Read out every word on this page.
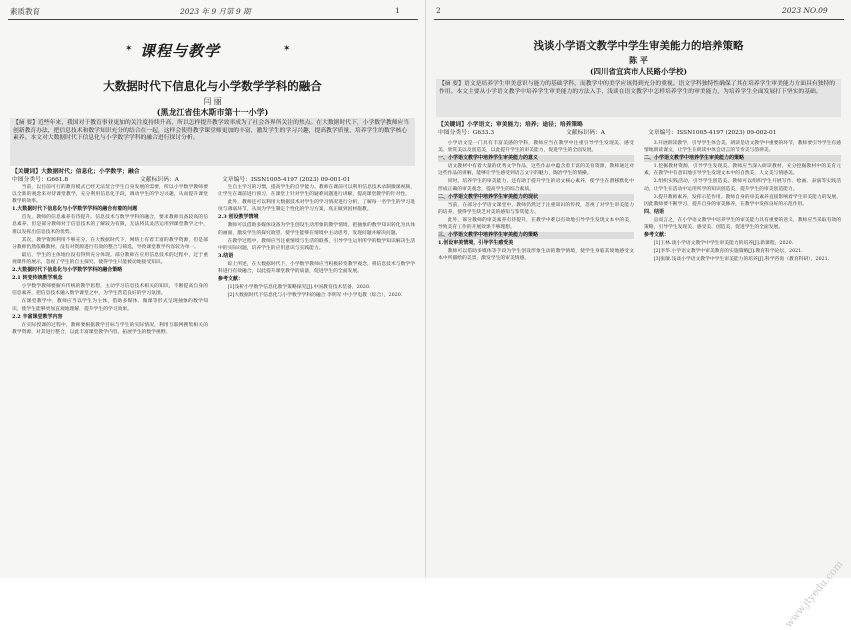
素质教育	2023 年 9 月第 9 期	1
✶ 课程与教学	✶
大数据时代下信息化与小学数学学科的融合
闫 丽
(黑龙江省佳木斯市第十一小学)
【摘 要】近些年来，我国对于教育事业更加的关注度持续升高，所以怎样提升教学效率成为了社会各界所关注的焦点。在大数据时代下，小学数学教师应当创新教育办法，把信息技术和数学知识充分的结合在一起，这样会使得教学课堂师更加的丰富，激发学生的学习兴趣，提高教学质量，培养学生的数学核心素养。本文对大数据时代下信息化与小学数学学科的融合进行探讨分析。
【关键词】大数据时代；信息化；小学数学；融合
中图分类号：G661.8	文献标识码：A	文章编号：ISSN1005-4197 (2023) 09-001-01

当前，以目前可行的教育模式已经无法契合学生自身发展的需要，所以小学数学教师要以全新的观念来对待课堂教学，充分利用信息化手段，调动学生的学习兴趣，从而提升课堂教学的效率。

1.大数据时代下信息化与小学数学学科的融合有着的问题

首先，教师的信息素养有待提升。信息技术与数学学科的融合，要求教师具备较高的信息素养，但是部分教师对于信息技术的了解较为有限，无法将其灵活运用到课堂教学之中，难以发挥出信息技术的优势。

其次，教学资源利用不够充分。在大数据时代下，网络上有着丰富的教学资源，但是部分教师仍然依赖教材，没有对资源进行有效的整合与筛选，导致课堂教学内容较为单一。

最后，学生的主体地位没有得到充分体现。部分教师在应用信息技术的过程中，过于重视课件的展示，忽视了学生的自主探究，使得学生只能被动地接受知识。

2.大数据时代下信息化与小学数学学科的融合策略

2.1 转变传统教学观念

小学数学教师要摒弃传统的教学思想，主动学习信息技术相关的知识，不断提高自身的信息素养，把信息技术融入数学课堂之中，为学生营造良好的学习氛围。

在课堂教学中，教师应当以学生为主体，借助多媒体、微课等形式呈现抽象的数学知识，使学生能够更加直观地理解，提升学生的学习效果。

2.2 丰富课堂教学内容

在实际授课的过程中，教师要根据教学目标与学生的实际情况，利用互联网搜集相关的教学资源，对其进行整合，以此丰富课堂教学内容，拓展学生的数学视野。

生自主学习的习惯，提高学生的自学能力。教师在课前可以利用信息技术录制微课视频，让学生在课前进行预习，在课堂上针对学生的疑难问题进行讲解，提高课堂教学的针对性。

此外，教师还可以利用大数据技术对学生的学习情况进行分析，了解每一名学生的学习进度与薄弱环节，从而为学生制定个性化的学习方案，真正做到因材施教。

2.3 创设教学情境

教师可以借助多媒体设备为学生创设生动形象的教学情境，把抽象的数学知识转化为具体的画面，激发学生的探究欲望，使学生能够在情境中主动思考，发现问题并解决问题。

在教学过程中，教师应当注重情境与生活的联系，引导学生运用所学的数学知识解决生活中的实际问题，培养学生的应用意识与实践能力。

3.结语

综上所述，在大数据时代下，小学数学教师应当积极转变教学观念，将信息技术与数学学科进行有效融合，以此提升课堂教学的质量，促进学生的全面发展。

参考文献：

[1]浅析小学数学信息化教学策略探究[J].中国教育技术装备，2020.

[2]大数据时代下信息化与小学数学学科的融合 李明军 中小学电教（综合），2020.

2	2023 NO.09
浅谈小学语文教学中学生审美能力的培养策略
陈 平
(四川省宜宾市人民路小学校)
【摘 要】语文是培养学生审美意识与能力的基础学科，而教学中的美学应该得到充分的重视。语文学科独特性确保了其在培养学生审美能力方面具有独特的作用。本文主要从小学语文教学中培养学生审美能力的方法入手，浅谈在语文教学中怎样培养学生的审美能力，为培养学生全面发展打下坚实的基础。
【关键词】小学语文；审美能力；培养；途径；培养策略
中图分类号：G633.3	文献标识码：A	文章编号：ISSN1005-4197 (2023) 09-002-01

小学语文是一门具有丰富美感的学科，教师应当在教学中注重引导学生发现美、感受美、欣赏美以及创造美，以此提升学生的审美能力，促进学生的全面发展。

一、小学语文教学中培养学生审美能力的意义

语文教材中有着大量的优秀文学作品，这些作品中蕴含着丰富的美育资源，教师通过对这些作品的讲解，能够让学生感受到语言文字的魅力，陶冶学生的情操。

同时，培养学生的审美能力，还有助于提升学生的语文核心素养，使学生在潜移默化中形成正确的审美观念，提高学生的综合素质。

二、小学语文教学中培养学生审美能力的现状

当前，在部分小学语文课堂中，教师仍然过于注重知识的传授，忽视了对学生审美能力的培养，使得学生缺乏对美的感知与鉴赏能力。

此外，部分教师的审美素养有待提升，在教学中难以有效地引导学生发现文本中的美，导致美育工作的开展效果不够理想。

三、小学语文教学中培养学生审美能力的策略

1.创设审美情境，引导学生感受美

教师可以借助多媒体等手段为学生创设形象生动的教学情境，使学生身临其境地感受文本中所描绘的美景，激发学生的审美情感。

3.开展朗读教学，引导学生体会美。朗读是语文教学中重要的环节，教师要引导学生有感情地朗读课文，让学生在朗读中体会语言的节奏美与韵律美。

二、小学语文教学中培养学生审美能力的策略

1.挖掘教材资源，引导学生发现美。教师应当深入研读教材，充分挖掘教材中的美育元素，在教学中有意识地引导学生发现文本中的自然美、人文美与情感美。

2.组织实践活动，引导学生创造美。教师可以组织学生开展写作、绘画、表演等实践活动，让学生在活动中运用所学的知识创造美，提升学生的审美创造能力。

3.提升教师素养，发挥示范作用。教师自身的审美素养直接影响着学生审美能力的发展，因此教师要不断学习，提升自身的审美修养，在教学中发挥良好的示范作用。

四、结语

总而言之，在小学语文教学中培养学生的审美能力具有重要的意义，教师应当采取有效的策略，引导学生发现美、感受美、创造美，促进学生的全面发展。

参考文献：

[1]王林.谈小学语文教学中学生审美能力的培养[J].新课程，2020.

[2]李华.小学语文教学中审美教育的实施策略[J].教育科学论坛，2021.

[3]张敏.浅谈小学语文教学中学生审美能力的培养[J].科学咨询（教育科研），2021.

www.jtyedu.com
